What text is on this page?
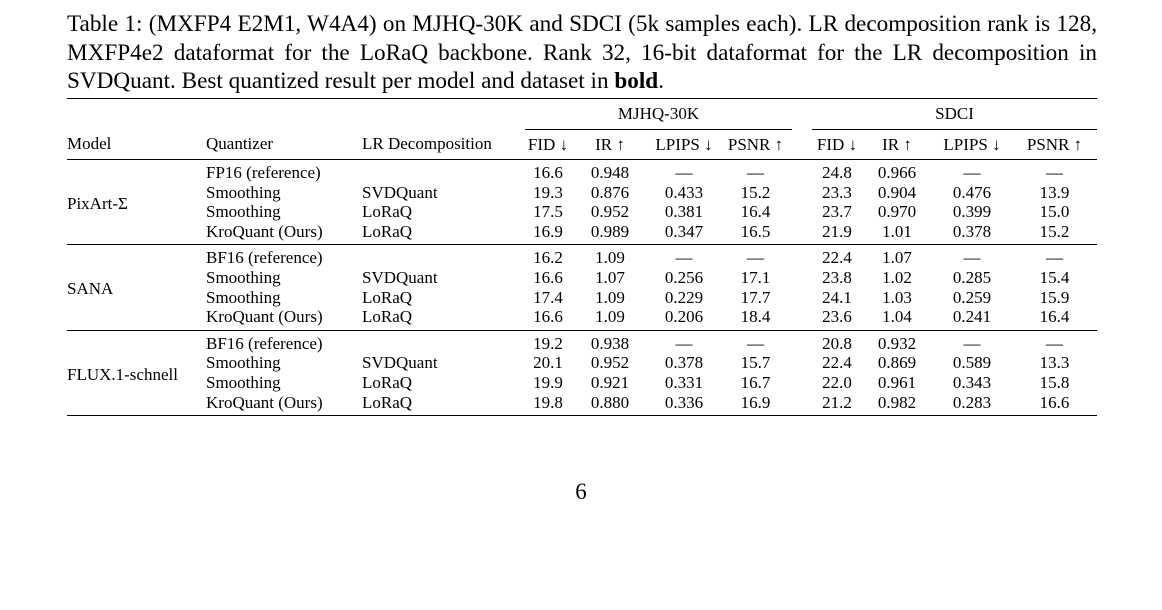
Table 1: (MXFP4 E2M1, W4A4) on MJHQ-30K and SDCI (5k samples each). LR decomposition rank is 128, MXFP4e2 dataformat for the LoRaQ backbone. Rank 32, 16-bit dataformat for the LR decomposition in SVDQuant. Best quantized result per model and dataset in bold.
			MJHQ-30K					SDCI			
Model	Quantizer	LR Decomposition	FID ↓	IR ↑	LPIPS ↓	PSNR ↑		FID ↓	IR ↑	LPIPS ↓	PSNR ↑
PixArt-Σ	FP16 (reference)		16.6	0.948	—	—		24.8	0.966	—	—
	Smoothing	SVDQuant	19.3	0.876	0.433	15.2		23.3	0.904	0.476	13.9
	Smoothing	LoRaQ	17.5	0.952	0.381	16.4		23.7	0.970	0.399	15.0
	KroQuant (Ours)	LoRaQ	16.9	0.989	0.347	16.5		21.9	1.01	0.378	15.2
SANA	BF16 (reference)		16.2	1.09	—	—		22.4	1.07	—	—
	Smoothing	SVDQuant	16.6	1.07	0.256	17.1		23.8	1.02	0.285	15.4
	Smoothing	LoRaQ	17.4	1.09	0.229	17.7		24.1	1.03	0.259	15.9
	KroQuant (Ours)	LoRaQ	16.6	1.09	0.206	18.4		23.6	1.04	0.241	16.4
FLUX.1-schnell	BF16 (reference)		19.2	0.938	—	—		20.8	0.932	—	—
	Smoothing	SVDQuant	20.1	0.952	0.378	15.7		22.4	0.869	0.589	13.3
	Smoothing	LoRaQ	19.9	0.921	0.331	16.7		22.0	0.961	0.343	15.8
	KroQuant (Ours)	LoRaQ	19.8	0.880	0.336	16.9		21.2	0.982	0.283	16.6
6
